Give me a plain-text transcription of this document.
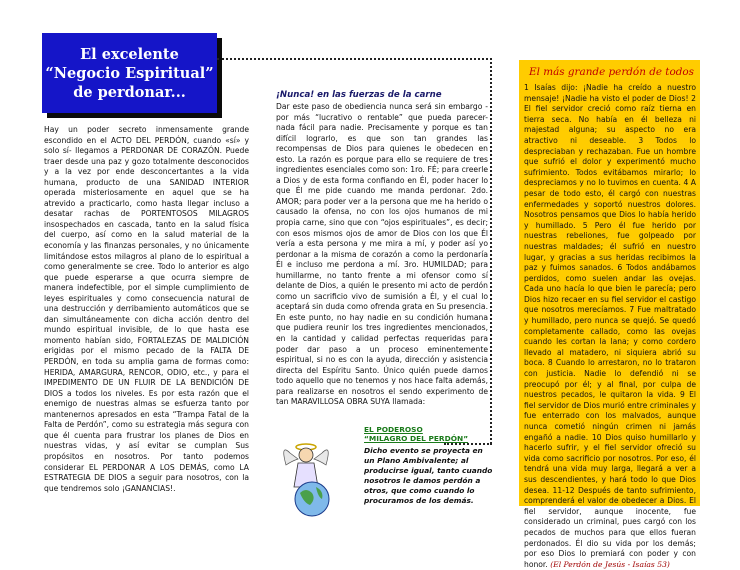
El excelente
“Negocio Espiritual”
de perdonar...
Hay un poder secreto inmensamente grande escondido en el ACTO DEL PERDÓN, cuando «sí» y solo sí- llegamos a PERDONAR DE CORAZÓN. Puede traer desde una paz y gozo totalmente desconocidos y a la vez por ende desconcertantes a la vida humana, producto de una SANIDAD INTERIOR operada misteriosamente en aquel que se ha atrevido a practicarlo, como hasta llegar incluso a desatar rachas de PORTENTOSOS MILAGROS insospechados en cascada, tanto en la salud física del cuerpo, así como en la salud material de la economía y las finanzas personales, y no únicamente limitándose estos milagros al plano de lo espiritual a como generalmente se cree. Todo lo anterior es algo que puede esperarse a que ocurra siempre de manera indefectible, por el simple cumplimiento de leyes espirituales y como consecuencia natural de una destrucción y derribamiento automáticos que se dan simultáneamente con dicha acción dentro del mundo espiritual invisible, de lo que hasta ese momento habían sido, FORTALEZAS DE MALDICIÓN erigidas por el mismo pecado de la FALTA DE PERDÓN, en toda su amplia gama de formas como: HERIDA, AMARGURA, RENCOR, ODIO, etc., y para el IMPEDIMENTO DE UN FLUIR DE LA BENDICIÓN DE DIOS a todos los niveles. Es por esta razón que el enemigo de nuestras almas se esfuerza tanto por mantenernos apresados en esta “Trampa Fatal de la Falta de Perdón”, como su estrategia más segura con que él cuenta para frustrar los planes de Dios en nuestras vidas, y así evitar se cumplan Sus propósitos en nosotros. Por tanto podemos considerar EL PERDONAR A LOS DEMÁS, como LA ESTRATEGIA DE DIOS a seguir para nosotros, con la que tendremos solo ¡GANANCIAS!.
¡Nunca! en las fuerzas de la carne
Dar este paso de obediencia nunca será sin embargo -por más “lucrativo o rentable” que pueda parecer- nada fácil para nadie. Precisamente y porque es tan difícil lograrlo, es que son tan grandes las recompensas de Dios para quienes le obedecen en esto. La razón es porque para ello se requiere de tres ingredientes esenciales como son: 1ro. FÉ; para creerle a Dios y de esta forma confiando en Él, poder hacer lo que Él me pide cuando me manda perdonar. 2do. AMOR; para poder ver a la persona que me ha herido o causado la ofensa, no con los ojos humanos de mi propia carne, sino que con “ojos espirituales”, es decir; con esos mismos ojos de amor de Dios con los que Él vería a esta persona y me mira a mí, y poder así yo perdonar a la misma de corazón a como la perdonaría Él e incluso me perdona a mí. 3ro. HUMILDAD; para humillarme, no tanto frente a mi ofensor como sí delante de Dios, a quién le presento mi acto de perdón como un sacrificio vivo de sumisión a Él, y el cual lo aceptará sin duda como ofrenda grata en Su presencia. En este punto, no hay nadie en su condición humana que pudiera reunir los tres ingredientes mencionados, en la cantidad y calidad perfectas requeridas para poder dar paso a un proceso eminentemente espiritual, si no es con la ayuda, dirección y asistencia directa del Espíritu Santo. Único quién puede darnos todo aquello que no tenemos y nos hace falta además, para realizarse en nosotros el sendo experimento de tan MARAVILLOSA OBRA SUYA llamada:
EL PODEROSO
“MILAGRO DEL PERDÓN”
Dicho evento se proyecta en un Plano Ambivalente; al producirse igual, tanto cuando nosotros le damos perdón a otros, que como cuando lo procuramos de los demás.
El más grande perdón de todos
1 Isaías dijo: ¡Nadie ha creído a nuestro mensaje! ¡Nadie ha visto el poder de Dios! 2 El fiel servidor creció como raíz tierna en tierra seca. No había en él belleza ni majestad alguna; su aspecto no era atractivo ni deseable. 3 Todos lo despreciaban y rechazaban. Fue un hombre que sufrió el dolor y experimentó mucho sufrimiento. Todos evitábamos mirarlo; lo despreciamos y no lo tuvimos en cuenta. 4 A pesar de todo esto, él cargó con nuestras enfermedades y soportó nuestros dolores. Nosotros pensamos que Dios lo había herido y humillado. 5 Pero él fue herido por nuestras rebeliones, fue golpeado por nuestras maldades; él sufrió en nuestro lugar, y gracias a sus heridas recibimos la paz y fuimos sanados. 6 Todos andábamos perdidos, como suelen andar las ovejas. Cada uno hacía lo que bien le parecía; pero Dios hizo recaer en su fiel servidor el castigo que nosotros merecíamos. 7 Fue maltratado y humillado, pero nunca se quejó. Se quedó completamente callado, como las ovejas cuando les cortan la lana; y como cordero llevado al matadero, ni siquiera abrió su boca. 8 Cuando lo arrestaron, no lo trataron con justicia. Nadie lo defendió ni se preocupó por él; y al final, por culpa de nuestros pecados, le quitaron la vida. 9 El fiel servidor de Dios murió entre criminales y fue enterrado con los malvados, aunque nunca cometió ningún crimen ni jamás engañó a nadie. 10 Dios quiso humillarlo y hacerlo sufrir, y el fiel servidor ofreció su vida como sacrificio por nosotros. Por eso, él tendrá una vida muy larga, llegará a ver a sus descendientes, y hará todo lo que Dios desea. 11-12 Después de tanto sufrimiento, comprenderá el valor de obedecer a Dios. El fiel servidor, aunque inocente, fue considerado un criminal, pues cargó con los pecados de muchos para que ellos fueran perdonados. Él dio su vida por los demás; por eso Dios lo premiará con poder y con honor. (El Perdón de Jesús - Isaías 53)
